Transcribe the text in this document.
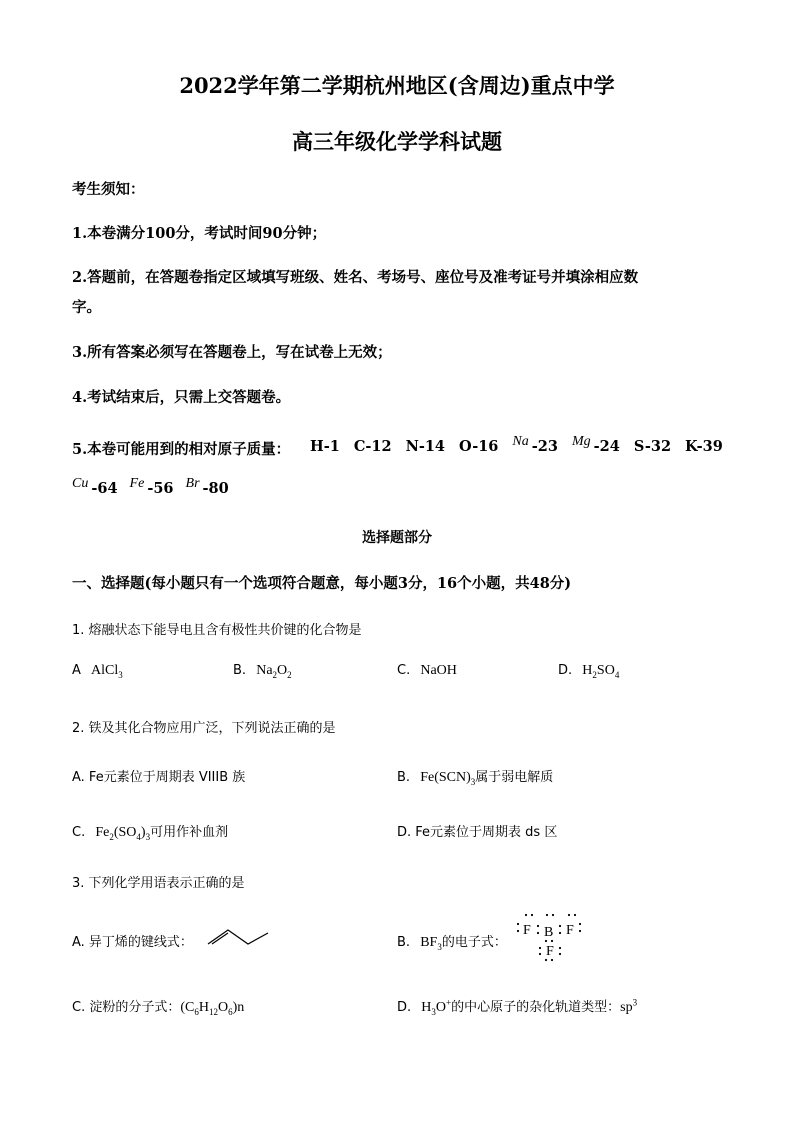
2022学年第二学期杭州地区(含周边)重点中学
高三年级化学学科试题
考生须知：
1.本卷满分100分，考试时间90分钟；
2.答题前，在答题卷指定区域填写班级、姓名、考场号、座位号及准考证号并填涂相应数
字。
3.所有答案必须写在答题卷上，写在试卷上无效；
4.考试结束后，只需上交答题卷。
5.本卷可能用到的相对原子质量： H-1 C-12 N-14 O-16 Na -23 Mg -24 S-32 K-39
Cu -64 Fe -56 Br -80
选择题部分
一、选择题(每小题只有一个选项符合题意，每小题3分，16个小题，共48分)
1. 熔融状态下能导电且含有极性共价键的化合物是
A AlCl$_3$	B. $Na_2O_2$	C. NaOH	D. $H_2SO_4$
2. 铁及其化合物应用广泛，下列说法正确的是
A. Fe元素位于周期表 VIIIB 族	B. $Fe(SCN)_3$属于弱电解质
C. $Fe_2(SO_4)_3$可用作补血剂	D. Fe元素位于周期表 ds 区
3. 下列化学用语表示正确的是
A. 异丁烯的键线式：	B. $BF_3$的电子式：
F B F
F
C. 淀粉的分子式：$(C_6H_{12}O_6)n$	D. $H_3O^+$的中心原子的杂化轨道类型：$sp^3$
